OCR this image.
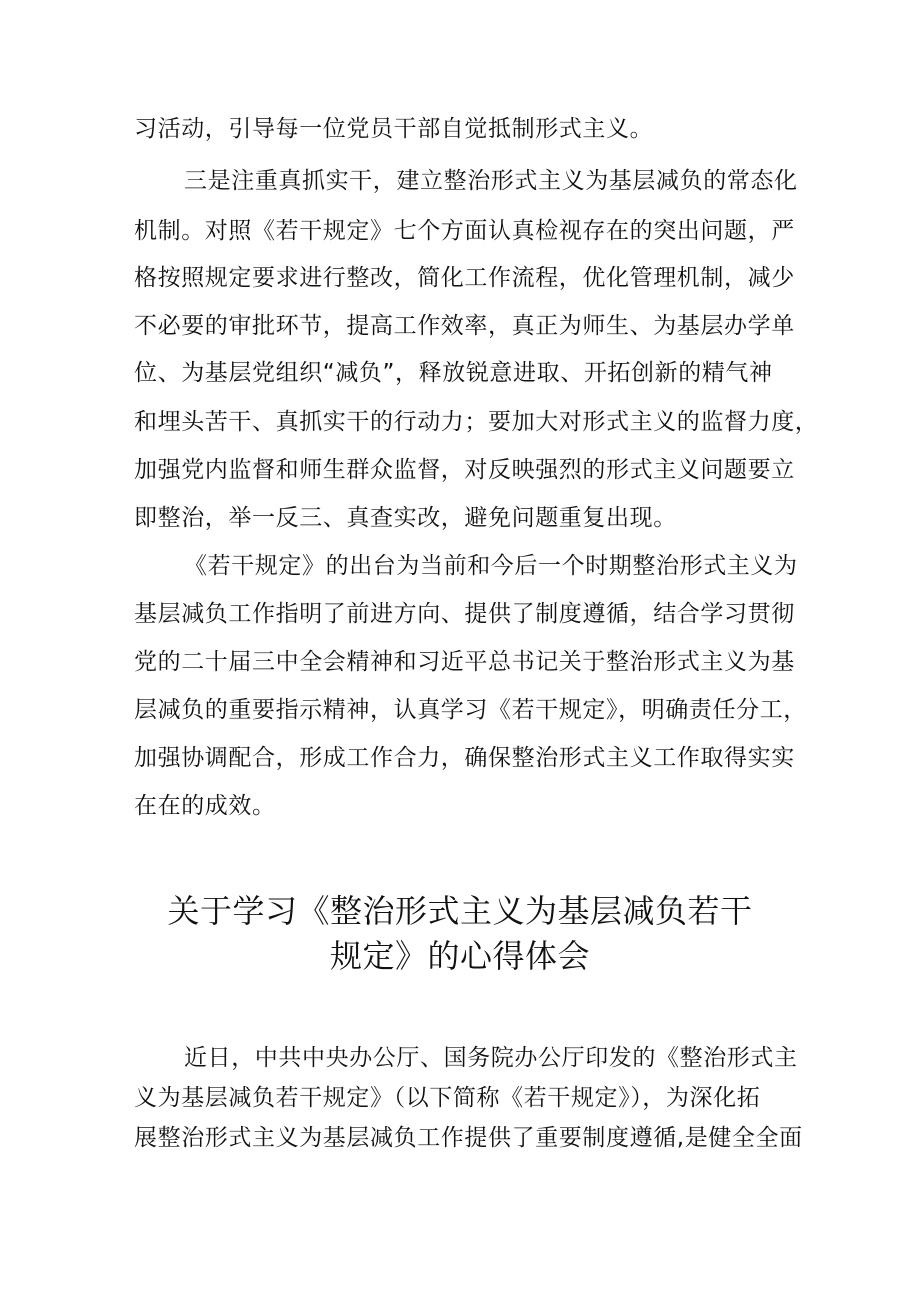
习活动，引导每一位党员干部自觉抵制形式主义。
三是注重真抓实干，建立整治形式主义为基层减负的常态化
机制。对照《若干规定》七个方面认真检视存在的突出问题，严
格按照规定要求进行整改，简化工作流程，优化管理机制，减少
不必要的审批环节，提高工作效率，真正为师生、为基层办学单
位、为基层党组织“减负”，释放锐意进取、开拓创新的精气神
和埋头苦干、真抓实干的行动力；要加大对形式主义的监督力度，
加强党内监督和师生群众监督，对反映强烈的形式主义问题要立
即整治，举一反三、真查实改，避免问题重复出现。
《若干规定》的出台为当前和今后一个时期整治形式主义为
基层减负工作指明了前进方向、提供了制度遵循，结合学习贯彻
党的二十届三中全会精神和习近平总书记关于整治形式主义为基
层减负的重要指示精神，认真学习《若干规定》，明确责任分工，
加强协调配合，形成工作合力，确保整治形式主义工作取得实实
在在的成效。
关于学习《整治形式主义为基层减负若干
规定》的心得体会
近日，中共中央办公厅、国务院办公厅印发的《整治形式主
义为基层减负若干规定》（以下简称《若干规定》），为深化拓
展整治形式主义为基层减负工作提供了重要制度遵循,是健全全面
